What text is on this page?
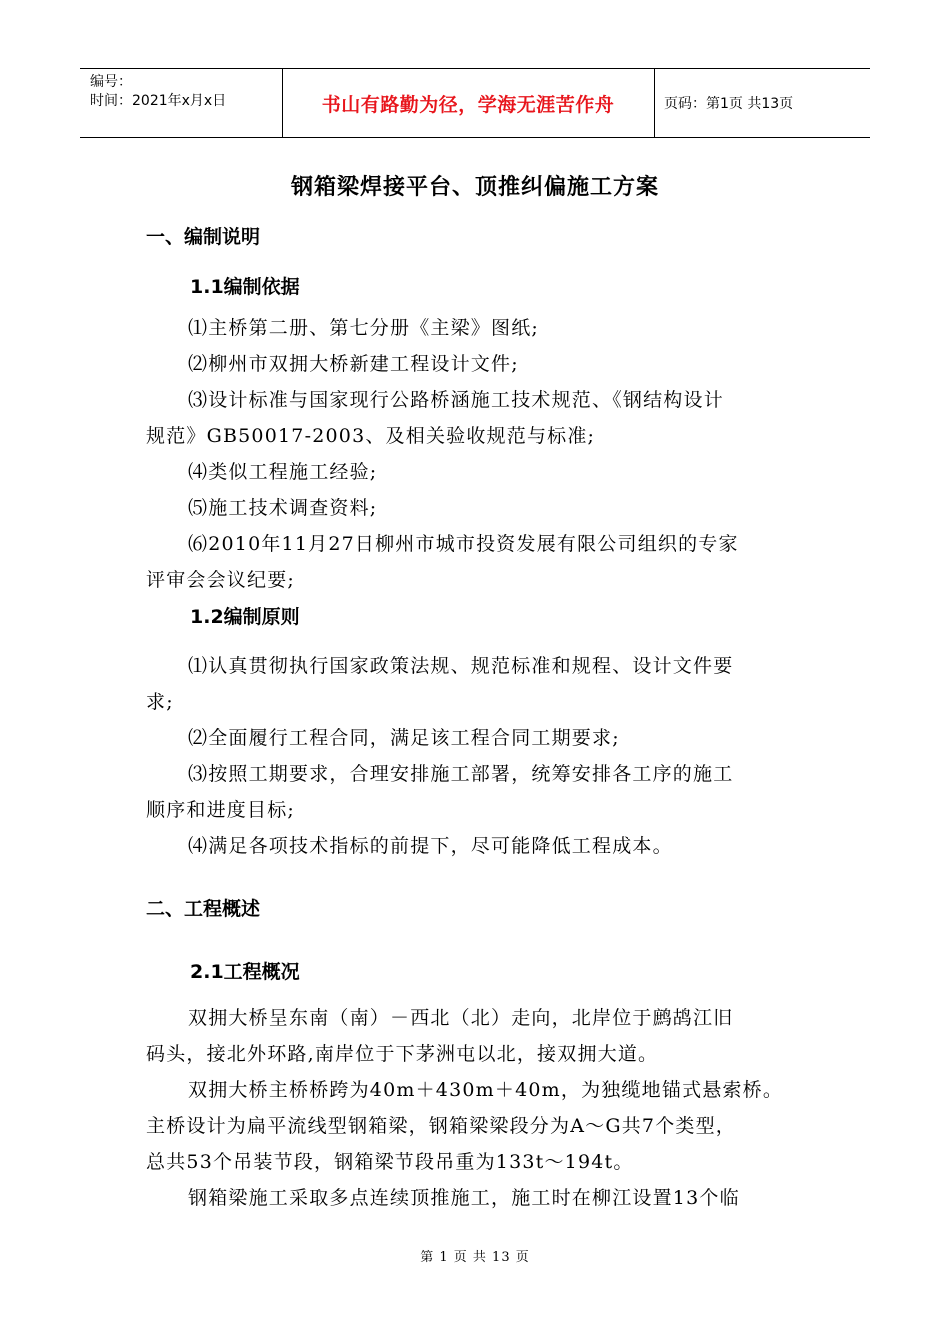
编号：
时间：2021年x月x日	书山有路勤为径，学海无涯苦作舟	页码：第1页 共13页
钢箱梁焊接平台、顶推纠偏施工方案
一、编制说明
1.1编制依据
⑴主桥第二册、第七分册《主梁》图纸;
⑵柳州市双拥大桥新建工程设计文件;
⑶设计标准与国家现行公路桥涵施工技术规范、《钢结构设计
规范》GB50017-2003、及相关验收规范与标准;
⑷类似工程施工经验;
⑸施工技术调查资料;
⑹2010年11月27日柳州市城市投资发展有限公司组织的专家
评审会会议纪要;
1.2编制原则
⑴认真贯彻执行国家政策法规、规范标准和规程、设计文件要
求;
⑵全面履行工程合同，满足该工程合同工期要求;
⑶按照工期要求，合理安排施工部署，统筹安排各工序的施工
顺序和进度目标;
⑷满足各项技术指标的前提下，尽可能降低工程成本。
二、工程概述
2.1工程概况
双拥大桥呈东南（南）－西北（北）走向，北岸位于鹧鸪江旧
码头，接北外环路,南岸位于下茅洲屯以北，接双拥大道。
双拥大桥主桥桥跨为40m＋430m＋40m，为独缆地锚式悬索桥。
主桥设计为扁平流线型钢箱梁，钢箱梁梁段分为A～G共7个类型，
总共53个吊装节段，钢箱梁节段吊重为133t～194t。
钢箱梁施工采取多点连续顶推施工，施工时在柳江设置13个临
第 1 页 共 13 页
